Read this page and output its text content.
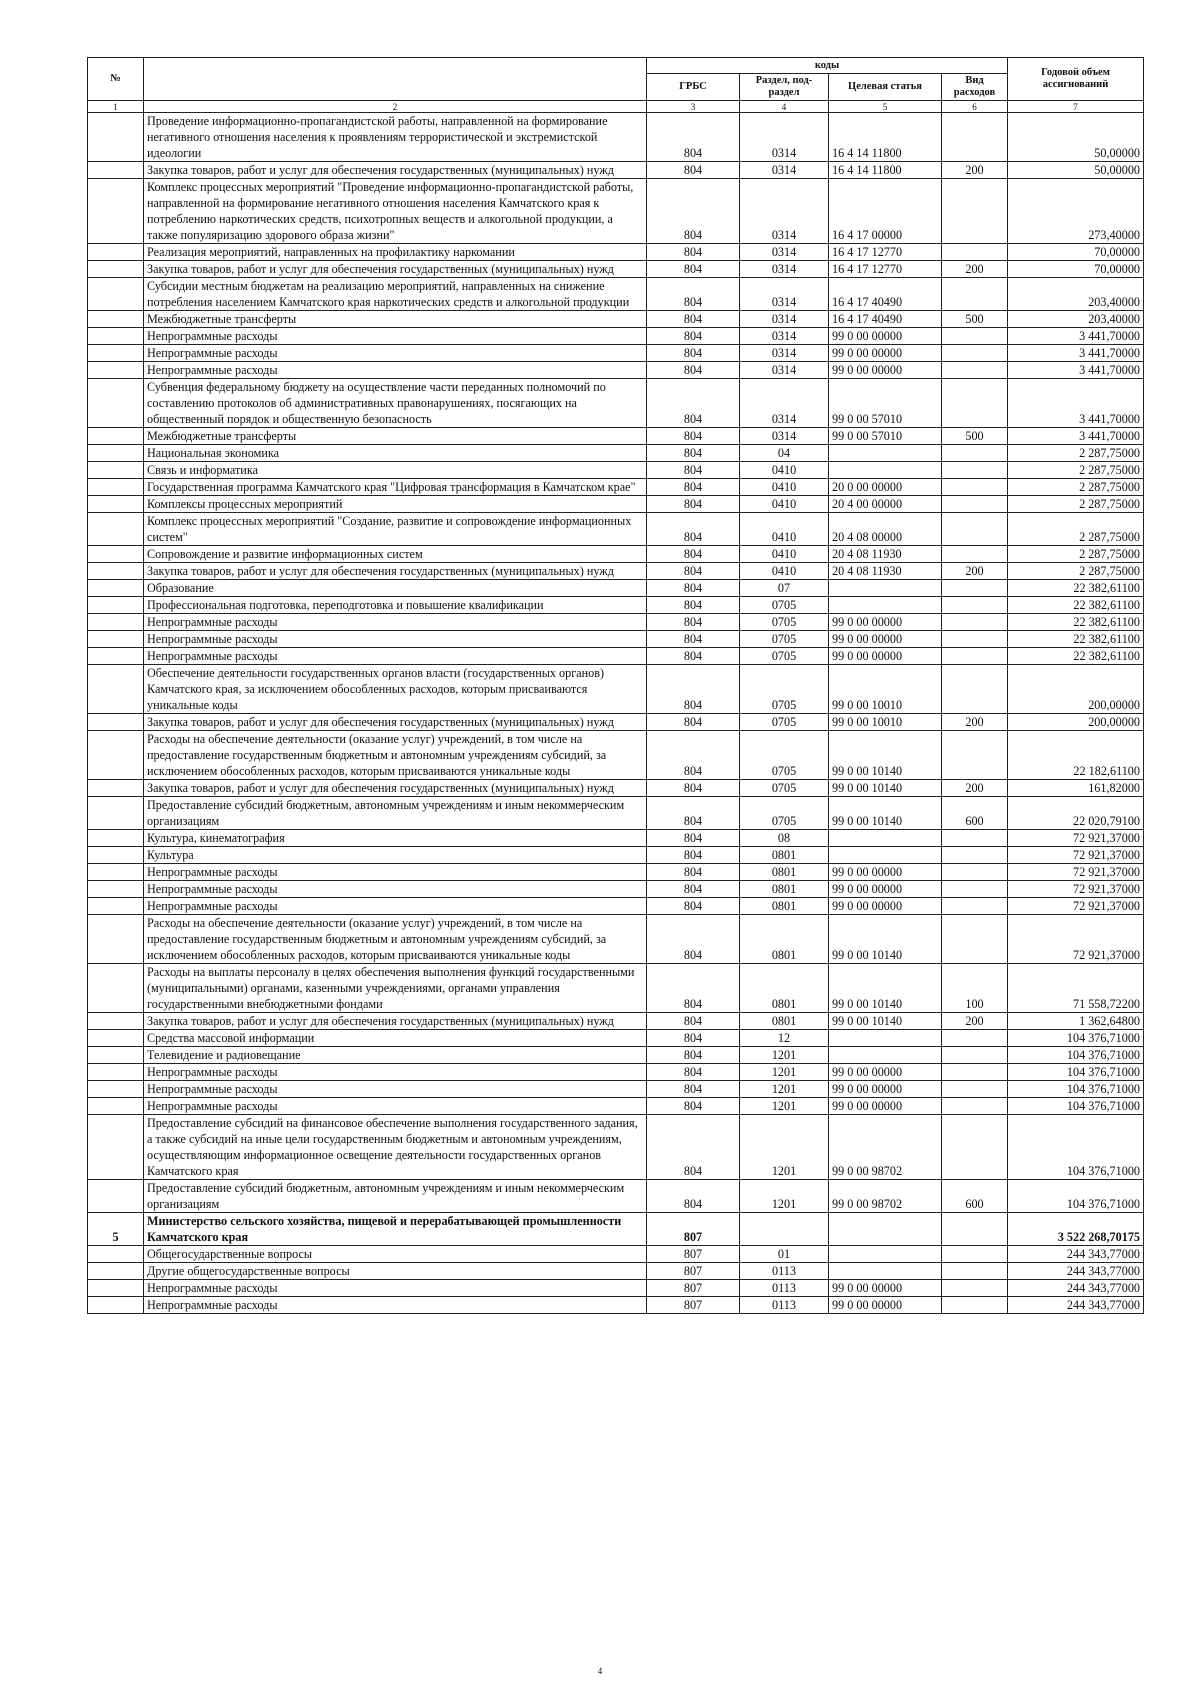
№		коды				Годовой объем ассигнований
		ГРБС	Раздел, под-раздел	Целевая статья	Вид расходов	
1	2	3	4	5	6	7
	Проведение информационно-пропагандистской работы, направленной на формирование негативного отношения населения к проявлениям террористической и экстремистской идеологии	804	0314	16 4 14 11800		50,00000
	Закупка товаров, работ и услуг для обеспечения государственных (муниципальных) нужд	804	0314	16 4 14 11800	200	50,00000
	Комплекс процессных мероприятий "Проведение информационно-пропагандистской работы, направленной на формирование негативного отношения населения Камчатского края к потреблению наркотических средств, психотропных веществ и алкогольной продукции, а также популяризацию здорового образа жизни"	804	0314	16 4 17 00000		273,40000
	Реализация мероприятий, направленных на профилактику наркомании	804	0314	16 4 17 12770		70,00000
	Закупка товаров, работ и услуг для обеспечения государственных (муниципальных) нужд	804	0314	16 4 17 12770	200	70,00000
	Субсидии местным бюджетам на реализацию мероприятий, направленных на снижение потребления населением Камчатского края наркотических средств и алкогольной продукции	804	0314	16 4 17 40490		203,40000
	Межбюджетные трансферты	804	0314	16 4 17 40490	500	203,40000
	Непрограммные расходы	804	0314	99 0 00 00000		3 441,70000
	Непрограммные расходы	804	0314	99 0 00 00000		3 441,70000
	Непрограммные расходы	804	0314	99 0 00 00000		3 441,70000
	Субвенция федеральному бюджету на осуществление части переданных полномочий по составлению протоколов об административных правонарушениях, посягающих на общественный порядок и общественную безопасность	804	0314	99 0 00 57010		3 441,70000
	Межбюджетные трансферты	804	0314	99 0 00 57010	500	3 441,70000
	Национальная экономика	804	04			2 287,75000
	Связь и информатика	804	0410			2 287,75000
	Государственная программа Камчатского края "Цифровая трансформация в Камчатском крае"	804	0410	20 0 00 00000		2 287,75000
	Комплексы процессных мероприятий	804	0410	20 4 00 00000		2 287,75000
	Комплекс процессных мероприятий "Создание, развитие и сопровождение информационных систем"	804	0410	20 4 08 00000		2 287,75000
	Сопровождение и развитие информационных систем	804	0410	20 4 08 11930		2 287,75000
	Закупка товаров, работ и услуг для обеспечения государственных (муниципальных) нужд	804	0410	20 4 08 11930	200	2 287,75000
	Образование	804	07			22 382,61100
	Профессиональная подготовка, переподготовка и повышение квалификации	804	0705			22 382,61100
	Непрограммные расходы	804	0705	99 0 00 00000		22 382,61100
	Непрограммные расходы	804	0705	99 0 00 00000		22 382,61100
	Непрограммные расходы	804	0705	99 0 00 00000		22 382,61100
	Обеспечение деятельности государственных органов власти (государственных органов) Камчатского края, за исключением обособленных расходов, которым присваиваются уникальные коды	804	0705	99 0 00 10010		200,00000
	Закупка товаров, работ и услуг для обеспечения государственных (муниципальных) нужд	804	0705	99 0 00 10010	200	200,00000
	Расходы на обеспечение деятельности (оказание услуг) учреждений, в том числе на предоставление государственным бюджетным и автономным учреждениям субсидий, за исключением обособленных расходов, которым присваиваются уникальные коды	804	0705	99 0 00 10140		22 182,61100
	Закупка товаров, работ и услуг для обеспечения государственных (муниципальных) нужд	804	0705	99 0 00 10140	200	161,82000
	Предоставление субсидий бюджетным, автономным учреждениям и иным некоммерческим организациям	804	0705	99 0 00 10140	600	22 020,79100
	Культура, кинематография	804	08			72 921,37000
	Культура	804	0801			72 921,37000
	Непрограммные расходы	804	0801	99 0 00 00000		72 921,37000
	Непрограммные расходы	804	0801	99 0 00 00000		72 921,37000
	Непрограммные расходы	804	0801	99 0 00 00000		72 921,37000
	Расходы на обеспечение деятельности (оказание услуг) учреждений, в том числе на предоставление государственным бюджетным и автономным учреждениям субсидий, за исключением обособленных расходов, которым присваиваются уникальные коды	804	0801	99 0 00 10140		72 921,37000
	Расходы на выплаты персоналу в целях обеспечения выполнения функций государственными (муниципальными) органами, казенными учреждениями, органами управления государственными внебюджетными фондами	804	0801	99 0 00 10140	100	71 558,72200
	Закупка товаров, работ и услуг для обеспечения государственных (муниципальных) нужд	804	0801	99 0 00 10140	200	1 362,64800
	Средства массовой информации	804	12			104 376,71000
	Телевидение и радиовещание	804	1201			104 376,71000
	Непрограммные расходы	804	1201	99 0 00 00000		104 376,71000
	Непрограммные расходы	804	1201	99 0 00 00000		104 376,71000
	Непрограммные расходы	804	1201	99 0 00 00000		104 376,71000
	Предоставление субсидий на финансовое обеспечение выполнения государственного задания, а также субсидий на иные цели государственным бюджетным и автономным учреждениям, осуществляющим информационное освещение деятельности государственных органов Камчатского края	804	1201	99 0 00 98702		104 376,71000
	Предоставление субсидий бюджетным, автономным учреждениям и иным некоммерческим организациям	804	1201	99 0 00 98702	600	104 376,71000
5	Министерство сельского хозяйства, пищевой и перерабатывающей промышленности Камчатского края	807				3 522 268,70175
	Общегосударственные вопросы	807	01			244 343,77000
	Другие общегосударственные вопросы	807	0113			244 343,77000
	Непрограммные расходы	807	0113	99 0 00 00000		244 343,77000
	Непрограммные расходы	807	0113	99 0 00 00000		244 343,77000
4
